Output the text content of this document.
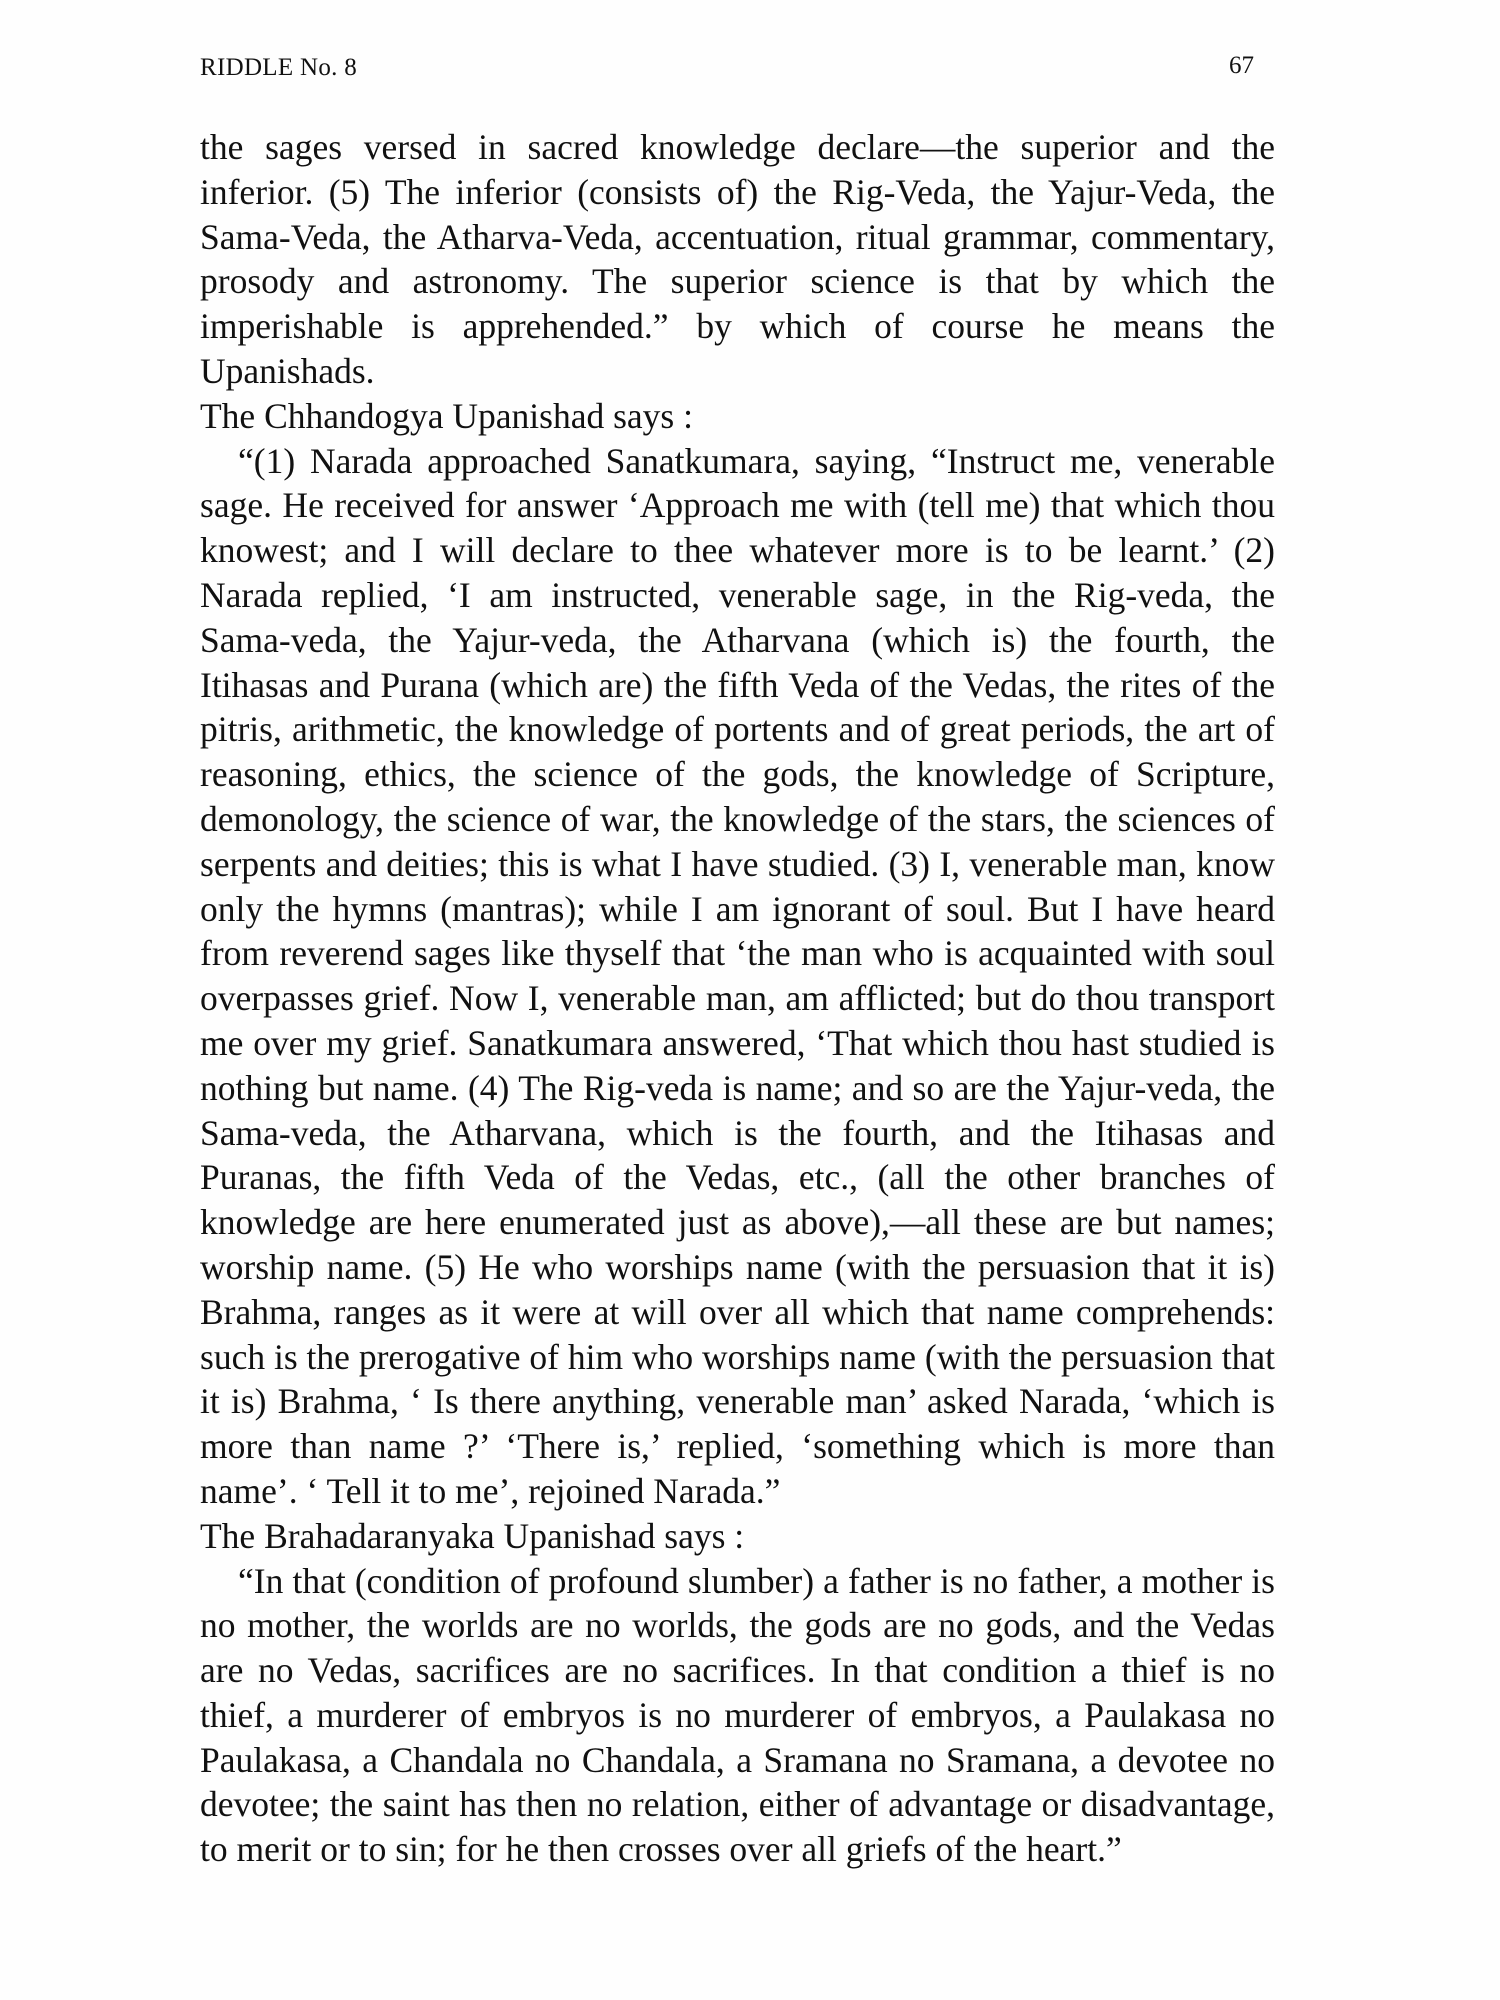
RIDDLE No. 8	67

the sages versed in sacred knowledge declare—the superior and the inferior. (5) The inferior (consists of) the Rig-Veda, the Yajur-Veda, the Sama-Veda, the Atharva-Veda, accentuation, ritual grammar, commentary, prosody and astronomy. The superior science is that by which the imperishable is apprehended.” by which of course he means the Upanishads.

The Chhandogya Upanishad says :

“(1) Narada approached Sanatkumara, saying, “Instruct me, venerable sage. He received for answer ‘Approach me with (tell me) that which thou knowest; and I will declare to thee whatever more is to be learnt.’ (2) Narada replied, ‘I am instructed, venerable sage, in the Rig-veda, the Sama-veda, the Yajur-veda, the Atharvana (which is) the fourth, the Itihasas and Purana (which are) the fifth Veda of the Vedas, the rites of the pitris, arithmetic, the knowledge of portents and of great periods, the art of reasoning, ethics, the science of the gods, the knowledge of Scripture, demonology, the science of war, the knowledge of the stars, the sciences of serpents and deities; this is what I have studied. (3) I, venerable man, know only the hymns (mantras); while I am ignorant of soul. But I have heard from reverend sages like thyself that ‘the man who is acquainted with soul overpasses grief. Now I, venerable man, am afflicted; but do thou transport me over my grief. Sanatkumara answered, ‘That which thou hast studied is nothing but name. (4) The Rig-veda is name; and so are the Yajur-veda, the Sama-veda, the Atharvana, which is the fourth, and the Itihasas and Puranas, the fifth Veda of the Vedas, etc., (all the other branches of knowledge are here enumerated just as above),—all these are but names; worship name. (5) He who worships name (with the persuasion that it is) Brahma, ranges as it were at will over all which that name comprehends: such is the prerogative of him who worships name (with the persuasion that it is) Brahma, ‘ Is there anything, venerable man’ asked Narada, ‘which is more than name ?’ ‘There is,’ replied, ‘something which is more than name’. ‘ Tell it to me’, rejoined Narada.”

The Brahadaranyaka Upanishad says :

“In that (condition of profound slumber) a father is no father, a mother is no mother, the worlds are no worlds, the gods are no gods, and the Vedas are no Vedas, sacrifices are no sacrifices. In that condition a thief is no thief, a murderer of embryos is no murderer of embryos, a Paulakasa no Paulakasa, a Chandala no Chandala, a Sramana no Sramana, a devotee no devotee; the saint has then no relation, either of advantage or disadvantage, to merit or to sin; for he then crosses over all griefs of the heart.”
